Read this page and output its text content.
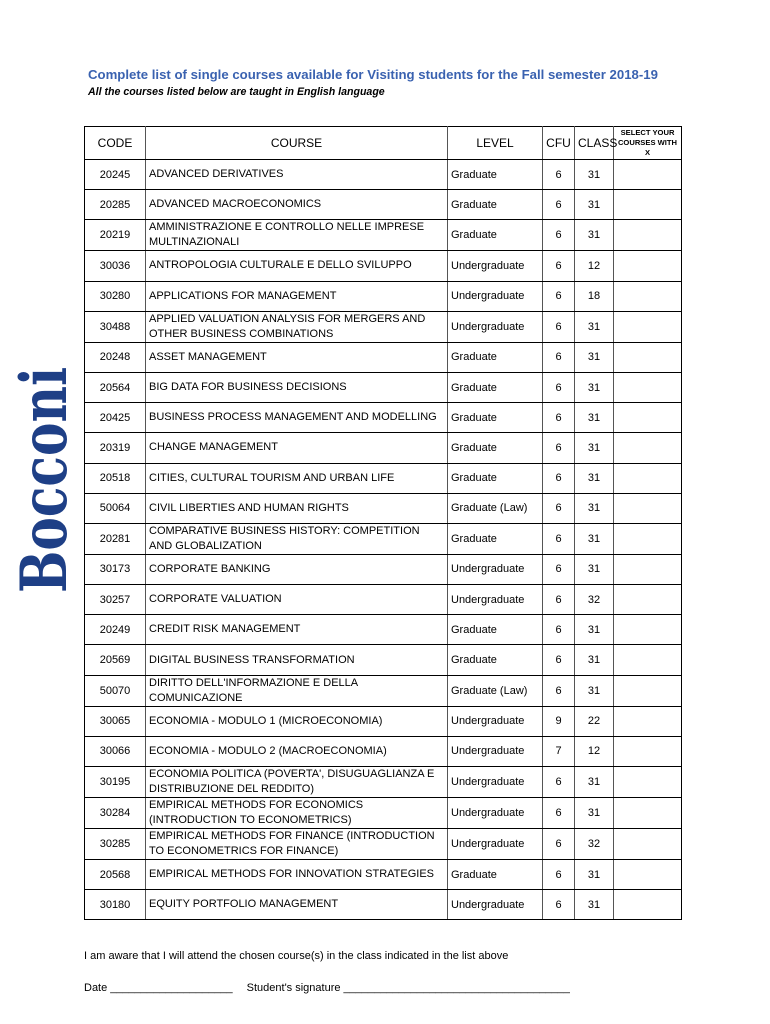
Bocconi

Complete list of single courses available for Visiting students for the Fall semester 2018-19

All the courses listed below are taught in English language

CODE	COURSE	LEVEL	CFU	CLASS	SELECT YOUR COURSES WITH X
20245	ADVANCED DERIVATIVES	Graduate	6	31	
20285	ADVANCED MACROECONOMICS	Graduate	6	31	
20219	AMMINISTRAZIONE E CONTROLLO NELLE IMPRESE MULTINAZIONALI	Graduate	6	31	
30036	ANTROPOLOGIA CULTURALE E DELLO SVILUPPO	Undergraduate	6	12	
30280	APPLICATIONS FOR MANAGEMENT	Undergraduate	6	18	
30488	APPLIED VALUATION ANALYSIS FOR MERGERS AND OTHER BUSINESS COMBINATIONS	Undergraduate	6	31	
20248	ASSET MANAGEMENT	Graduate	6	31	
20564	BIG DATA FOR BUSINESS DECISIONS	Graduate	6	31	
20425	BUSINESS PROCESS MANAGEMENT AND MODELLING	Graduate	6	31	
20319	CHANGE MANAGEMENT	Graduate	6	31	
20518	CITIES, CULTURAL TOURISM AND URBAN LIFE	Graduate	6	31	
50064	CIVIL LIBERTIES AND HUMAN RIGHTS	Graduate (Law)	6	31	
20281	COMPARATIVE BUSINESS HISTORY: COMPETITION AND GLOBALIZATION	Graduate	6	31	
30173	CORPORATE BANKING	Undergraduate	6	31	
30257	CORPORATE VALUATION	Undergraduate	6	32	
20249	CREDIT RISK MANAGEMENT	Graduate	6	31	
20569	DIGITAL BUSINESS TRANSFORMATION	Graduate	6	31	
50070	DIRITTO DELL'INFORMAZIONE E DELLA COMUNICAZIONE	Graduate (Law)	6	31	
30065	ECONOMIA - MODULO 1 (MICROECONOMIA)	Undergraduate	9	22	
30066	ECONOMIA - MODULO 2 (MACROECONOMIA)	Undergraduate	7	12	
30195	ECONOMIA POLITICA (POVERTA', DISUGUAGLIANZA E DISTRIBUZIONE DEL REDDITO)	Undergraduate	6	31	
30284	EMPIRICAL METHODS FOR ECONOMICS (INTRODUCTION TO ECONOMETRICS)	Undergraduate	6	31	
30285	EMPIRICAL METHODS FOR FINANCE (INTRODUCTION TO ECONOMETRICS FOR FINANCE)	Undergraduate	6	32	
20568	EMPIRICAL METHODS FOR INNOVATION STRATEGIES	Graduate	6	31	
30180	EQUITY PORTFOLIO MANAGEMENT	Undergraduate	6	31	

I am aware that I will attend the chosen course(s) in the class indicated in the list above

Date ____________________ Student's signature _____________________________________
